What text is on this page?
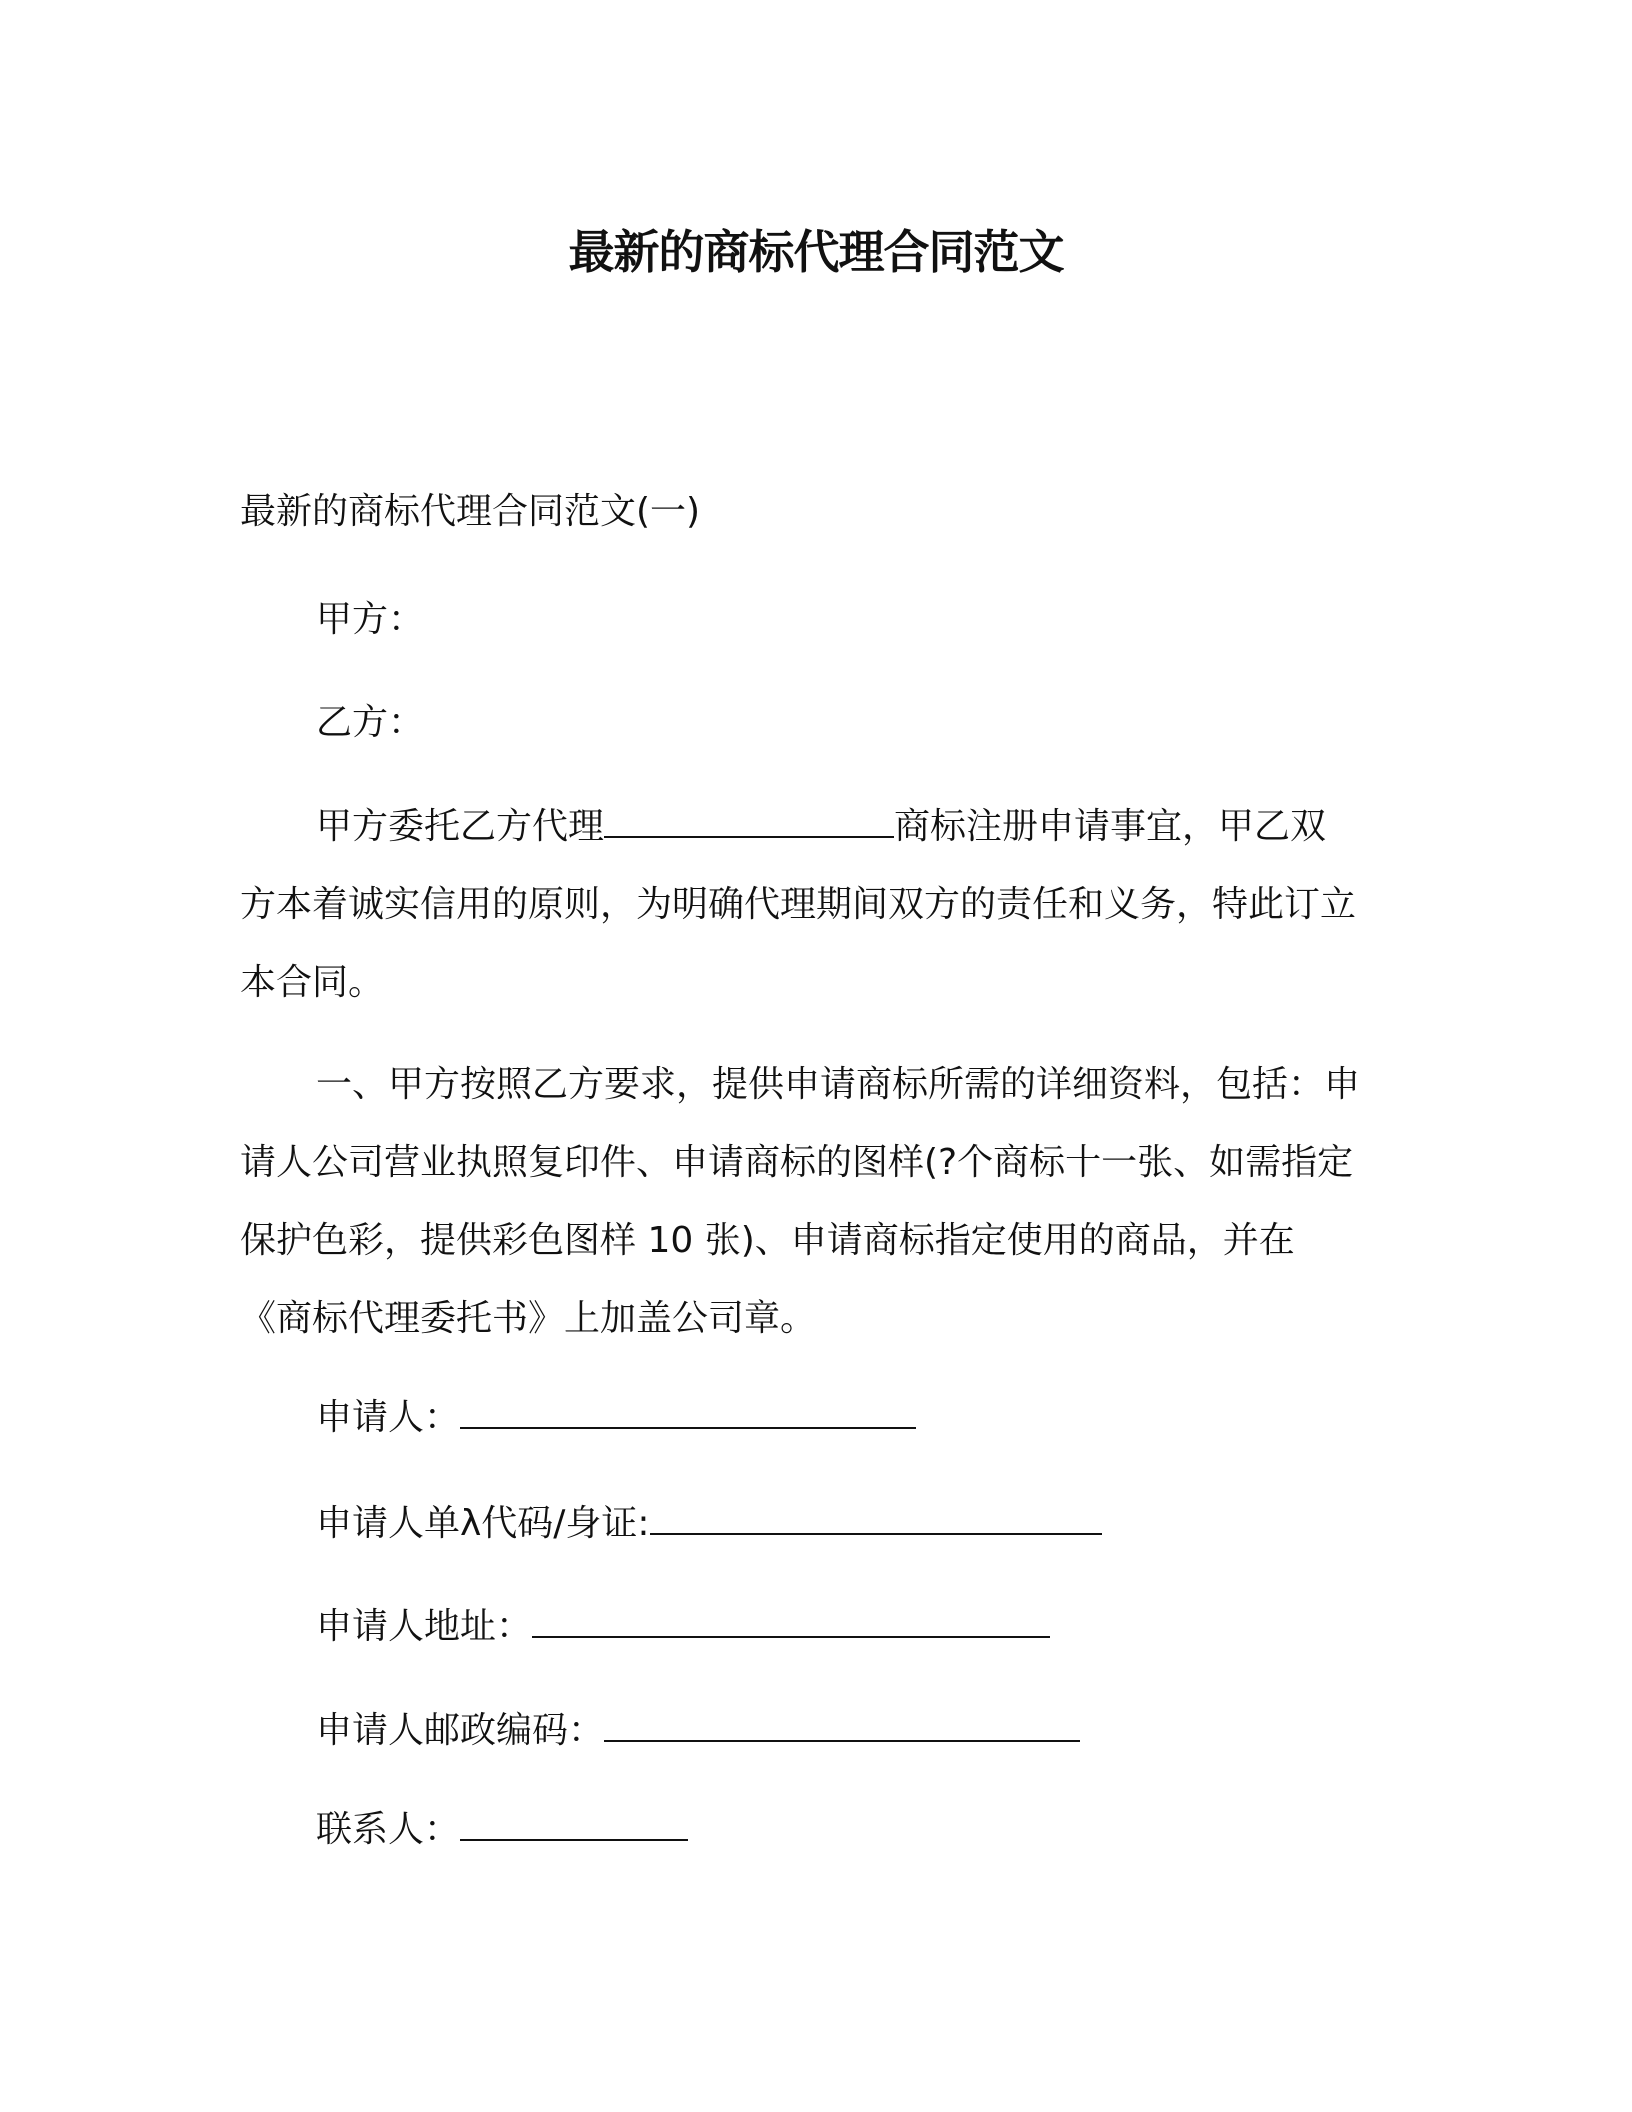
最新的商标代理合同范文
最新的商标代理合同范文(一)
甲方：
乙方：
甲方委托乙方代理	商标注册申请事宜，甲乙双方本着诚实信用的原则，为明确代理期间双方的责任和义务，特此订立本合同。
一、甲方按照乙方要求，提供申请商标所需的详细资料，包括：申请人公司营业执照复印件、申请商标的图样(?个商标十一张、如需指定保护色彩，提供彩色图样 10 张)、申请商标指定使用的商品，并在《商标代理委托书》上加盖公司章。
申请人：
申请人单λ代码/身证:
申请人地址：
申请人邮政编码：
联系人：
